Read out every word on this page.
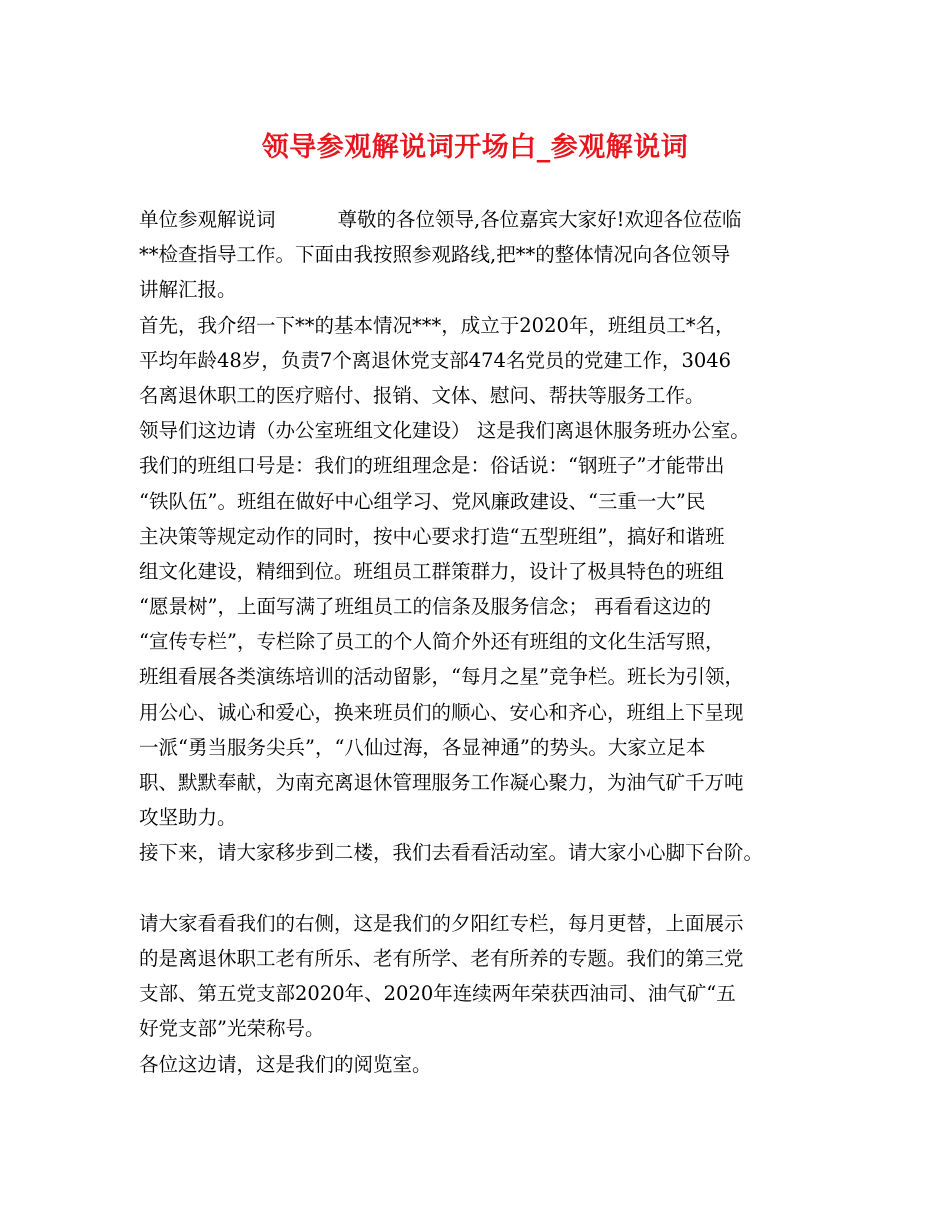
领导参观解说词开场白_参观解说词
单位参观解说词          尊敬的各位领导,各位嘉宾大家好!欢迎各位莅临
**检查指导工作。下面由我按照参观路线,把**的整体情况向各位领导
讲解汇报。
首先，我介绍一下**的基本情况***，成立于2020年，班组员工*名，
平均年龄48岁，负责7个离退休党支部474名党员的党建工作，3046
名离退休职工的医疗赔付、报销、文体、慰问、帮扶等服务工作。
领导们这边请（办公室班组文化建设） 这是我们离退休服务班办公室。
我们的班组口号是：我们的班组理念是：俗话说：“钢班子”才能带出
“铁队伍”。班组在做好中心组学习、党风廉政建设、“三重一大”民
主决策等规定动作的同时，按中心要求打造“五型班组”，搞好和谐班
组文化建设，精细到位。班组员工群策群力，设计了极具特色的班组
“愿景树”，上面写满了班组员工的信条及服务信念； 再看看这边的
“宣传专栏”，专栏除了员工的个人简介外还有班组的文化生活写照，
班组看展各类演练培训的活动留影，“每月之星”竞争栏。班长为引领，
用公心、诚心和爱心，换来班员们的顺心、安心和齐心，班组上下呈现
一派“勇当服务尖兵”，“八仙过海，各显神通”的势头。大家立足本
职、默默奉献，为南充离退休管理服务工作凝心聚力，为油气矿千万吨
攻坚助力。
接下来，请大家移步到二楼，我们去看看活动室。请大家小心脚下台阶。
请大家看看我们的右侧，这是我们的夕阳红专栏，每月更替，上面展示
的是离退休职工老有所乐、老有所学、老有所养的专题。我们的第三党
支部、第五党支部2020年、2020年连续两年荣获西油司、油气矿“五
好党支部”光荣称号。
各位这边请，这是我们的阅览室。
